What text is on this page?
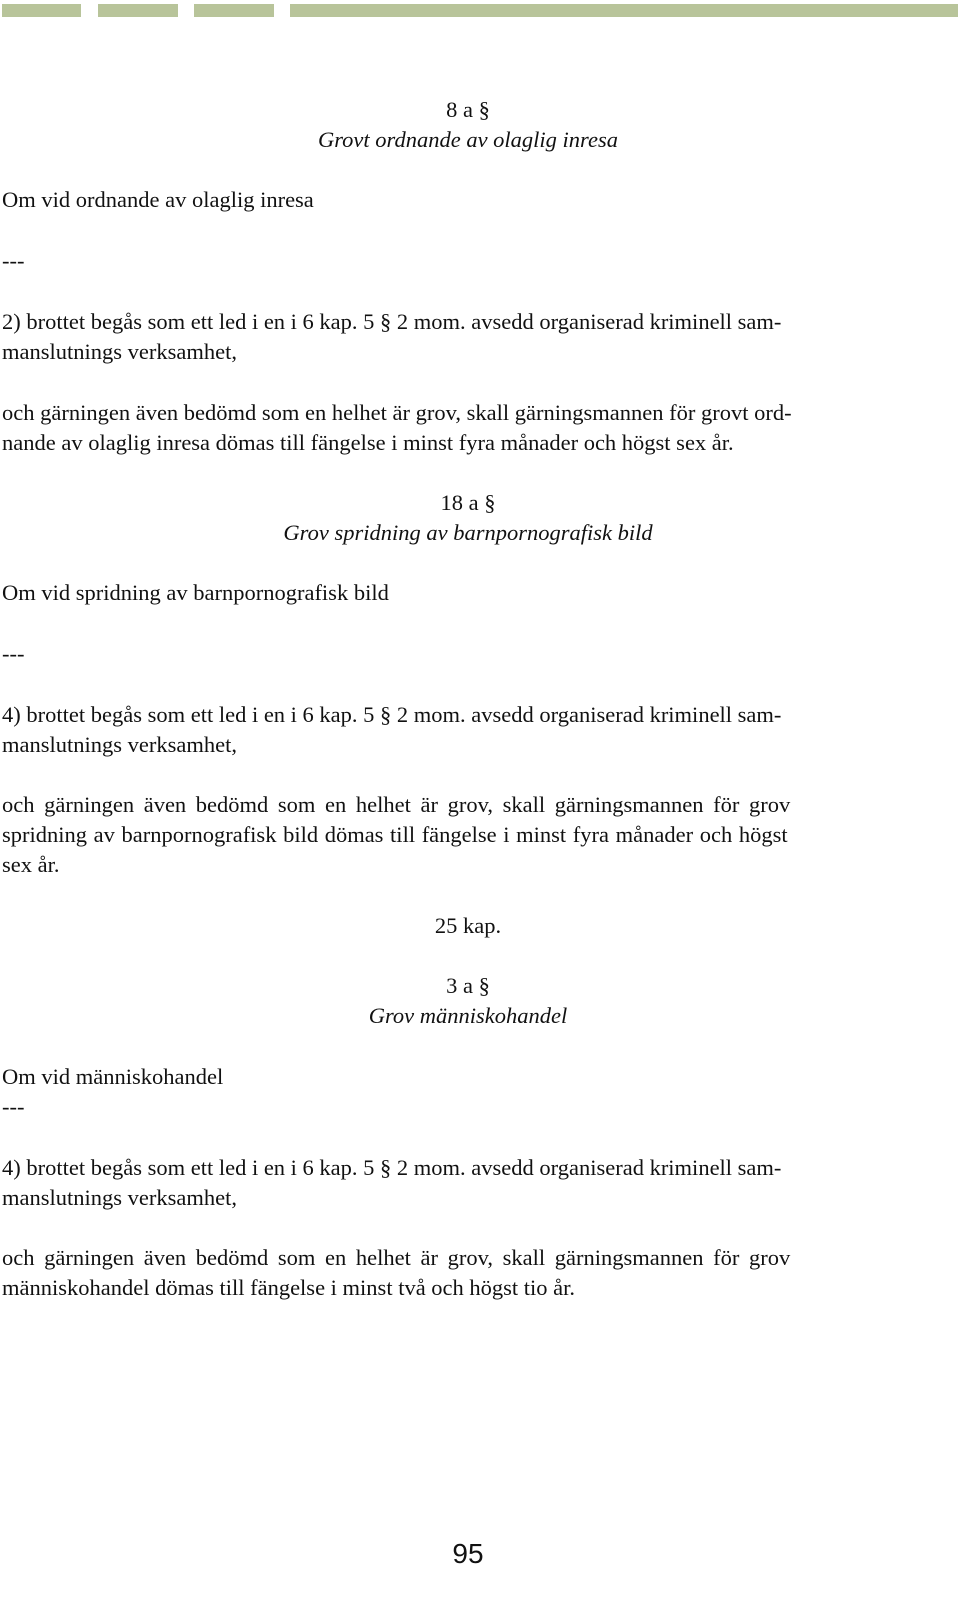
8 a §
Grovt ordnande av olaglig inresa
Om vid ordnande av olaglig inresa
---
2) brottet begås som ett led i en i 6 kap. 5 § 2 mom. avsedd organiserad kriminell sam-
manslutnings verksamhet,
och gärningen även bedömd som en helhet är grov, skall gärningsmannen för grovt ord-
nande av olaglig inresa dömas till fängelse i minst fyra månader och högst sex år.
18 a §
Grov spridning av barnpornografisk bild
Om vid spridning av barnpornografisk bild
---
4) brottet begås som ett led i en i 6 kap. 5 § 2 mom. avsedd organiserad kriminell sam-
manslutnings verksamhet,
och gärningen även bedömd som en helhet är grov, skall gärningsmannen för grov
spridning av barnpornografisk bild dömas till fängelse i minst fyra månader och högst
sex år.
25 kap.
3 a §
Grov människohandel
Om vid människohandel
---
4) brottet begås som ett led i en i 6 kap. 5 § 2 mom. avsedd organiserad kriminell sam-
manslutnings verksamhet,
och gärningen även bedömd som en helhet är grov, skall gärningsmannen för grov
människohandel dömas till fängelse i minst två och högst tio år.
95
